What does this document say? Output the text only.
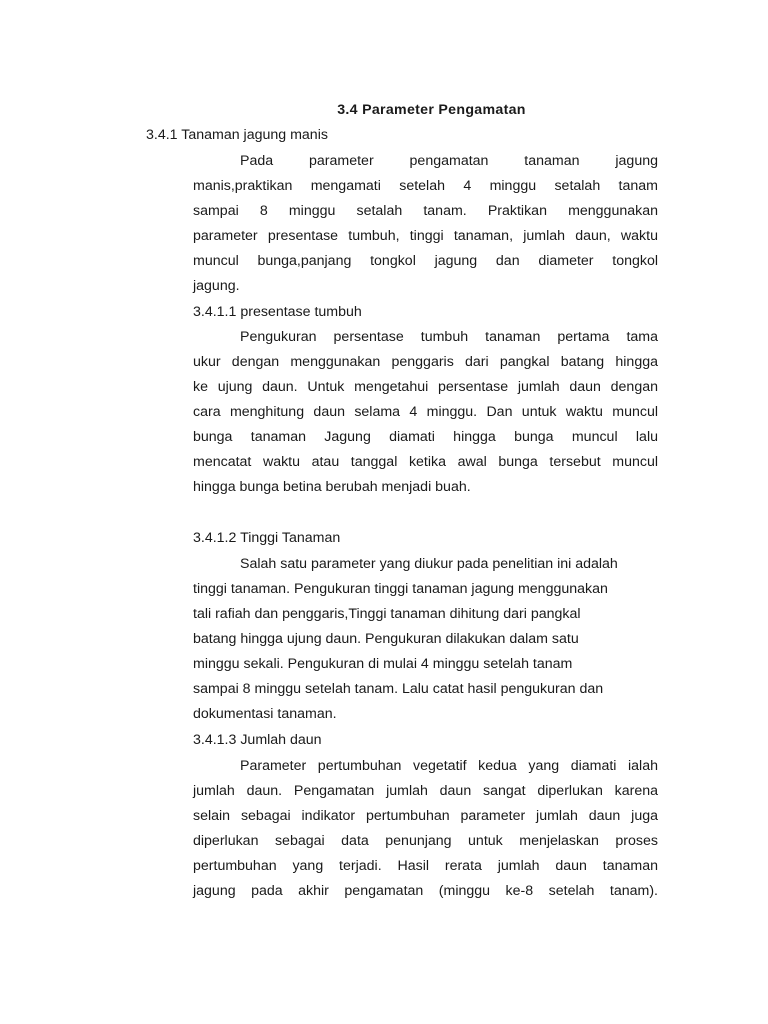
3.4 Parameter Pengamatan
3.4.1 Tanaman jagung manis
Pada parameter pengamatan tanaman jagung
manis,praktikan mengamati setelah 4 minggu setalah tanam
sampai 8 minggu setalah tanam. Praktikan menggunakan
parameter presentase tumbuh, tinggi tanaman, jumlah daun, waktu
muncul bunga,panjang tongkol jagung dan diameter tongkol
jagung.
3.4.1.1 presentase tumbuh
Pengukuran persentase tumbuh tanaman pertama tama
ukur dengan menggunakan penggaris dari pangkal batang hingga
ke ujung daun. Untuk mengetahui persentase jumlah daun dengan
cara menghitung daun selama 4 minggu. Dan untuk waktu muncul
bunga tanaman Jagung diamati hingga bunga muncul lalu
mencatat waktu atau tanggal ketika awal bunga tersebut muncul
hingga bunga betina berubah menjadi buah.
3.4.1.2 Tinggi Tanaman
Salah satu parameter yang diukur pada penelitian ini adalah
tinggi tanaman. Pengukuran tinggi tanaman jagung menggunakan
tali rafiah dan penggaris,Tinggi tanaman dihitung dari pangkal
batang hingga ujung daun. Pengukuran dilakukan dalam satu
minggu sekali. Pengukuran di mulai 4 minggu setelah tanam
sampai 8 minggu setelah tanam. Lalu catat hasil pengukuran dan
dokumentasi tanaman.
3.4.1.3 Jumlah daun
Parameter pertumbuhan vegetatif kedua yang diamati ialah
jumlah daun. Pengamatan jumlah daun sangat diperlukan karena
selain sebagai indikator pertumbuhan parameter jumlah daun juga
diperlukan sebagai data penunjang untuk menjelaskan proses
pertumbuhan yang terjadi. Hasil rerata jumlah daun tanaman
jagung pada akhir pengamatan (minggu ke-8 setelah tanam).
